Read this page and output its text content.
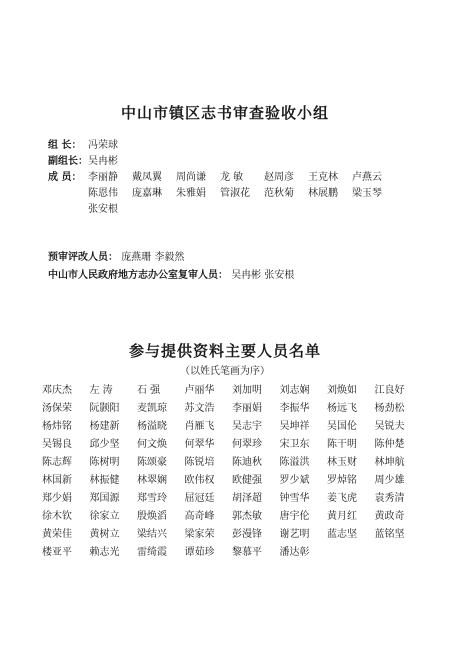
中山市镇区志书审查验收小组
组 长： 冯荣球
副组长： 吴冉彬
成 员： 李丽静	戴凤翼	周尚谦	龙 敏	赵周彦	王克林	卢燕云
陈恩伟	庞嘉琳	朱雅娟	管淑花	范秋菊	林展鹏	梁玉琴
张安根
预审评改人员： 庞燕珊 李毅然
中山市人民政府地方志办公室复审人员： 吴冉彬 张安根
参与提供资料主要人员名单
（以姓氏笔画为序）
邓庆杰	左 涛	石 强	卢丽华	刘加明	刘志娴	刘焕如	江良好
汤保荣	阮颢阳	麦凯琼	苏文浩	李丽娟	李振华	杨远飞	杨劲松
杨炜铭	杨建新	杨溢晓	肖雁飞	吴志宇	吴坤祥	吴国伦	吴锐夫
吴锡良	邱少坚	何文焕	何翠华	何翠珍	宋卫东	陈干明	陈仲楚
陈志辉	陈树明	陈颂豪	陈锐培	陈迪秋	陈溢洪	林玉财	林坤航
林国新	林振健	林翠娴	欧伟权	欧健强	罗少斌	罗焯铭	周少雄
郑少娟	郑国源	郑雪玲	屈冠廷	胡泽超	钟雪华	姜飞虎	袁秀清
徐木钦	徐家立	殷焕滔	高奇峰	郭杰敏	唐宇伦	黄月红	黄政奇
黄荣佳	黄树立	梁结兴	梁家荣	彭漫锋	谢艺明	蓝志坚	蓝铭坚
楼亚平	赖志光	雷绮霞	谭茹珍	黎慕平	潘达彰
